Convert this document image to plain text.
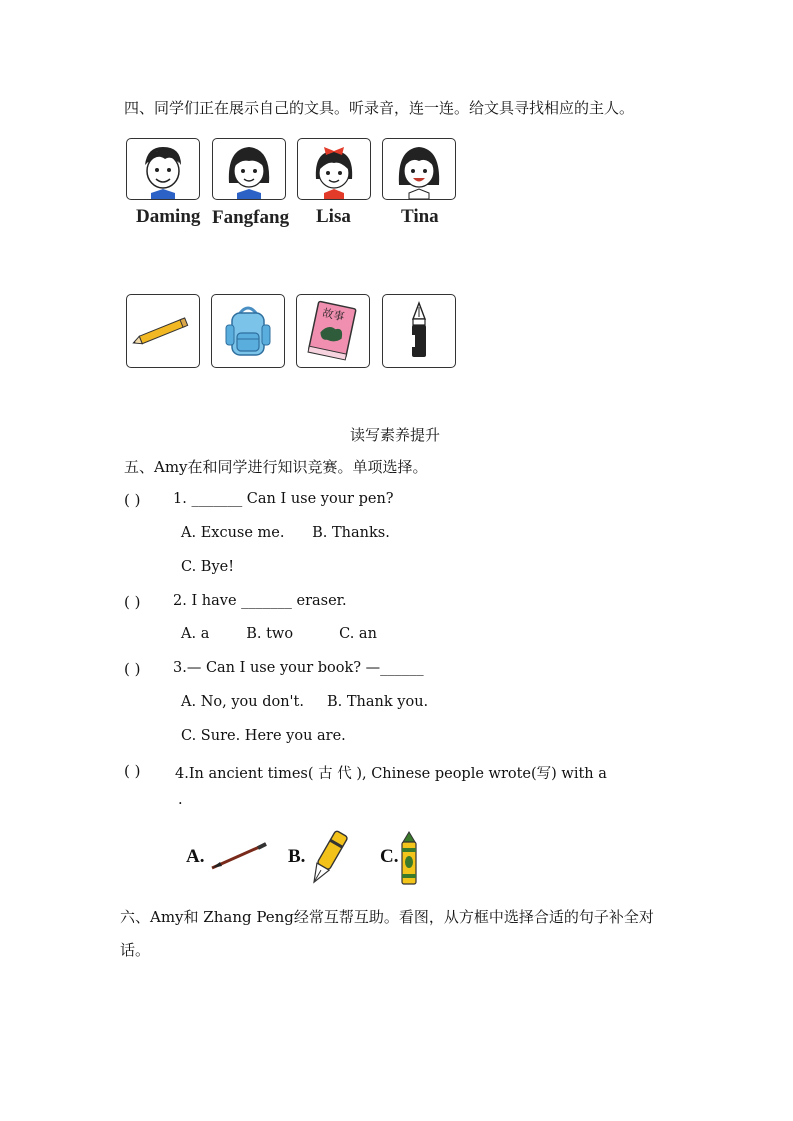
四、同学们正在展示自己的文具。听录音，连一连。给文具寻找相应的主人。
Daming Fangfang Lisa	Tina
故事
读写素养提升
五、Amy在和同学进行知识竞赛。单项选择。
( ) 1. _______ Can I use your pen?
A. Excuse me.      B. Thanks.
C. Bye!
( ) 2. I have _______ eraser.
A. a        B. two          C. an
( ) 3.— Can I use your book? —______
A. No, you don't.     B. Thank you.
C. Sure. Here you are.
( ) 4.In ancient times( 古 代 ), Chinese people wrote(写) with a
.
A.	B.	C.
六、Amy和 Zhang Peng经常互帮互助。看图，从方框中选择合适的句子补全对
话。
